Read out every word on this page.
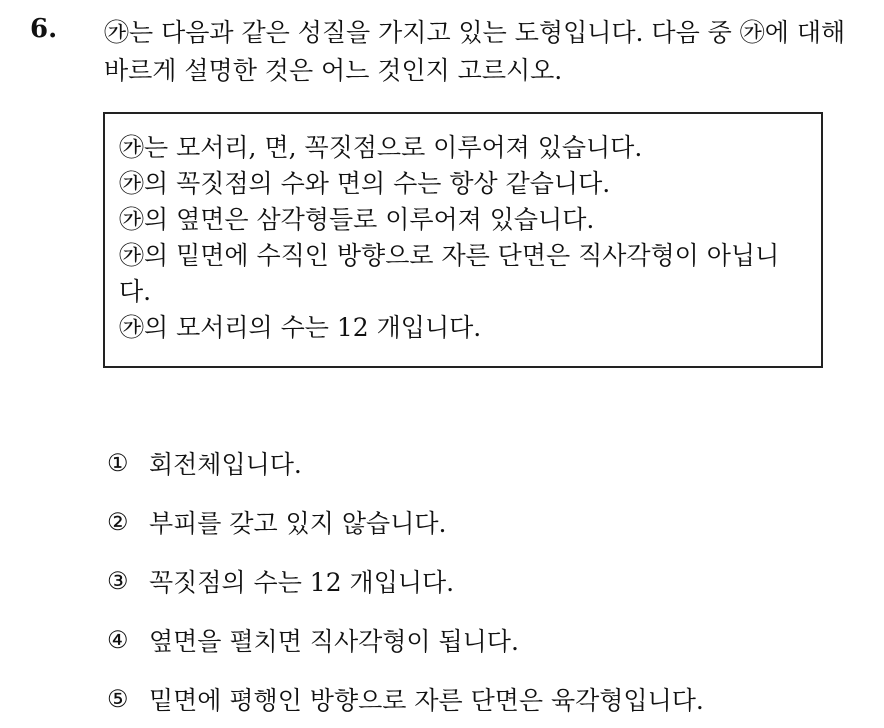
6. ㉮는 다음과 같은 성질을 가지고 있는 도형입니다. 다음 중 ㉮에 대해
바르게 설명한 것은 어느 것인지 고르시오.
㉮는 모서리, 면, 꼭짓점으로 이루어져 있습니다.
㉮의 꼭짓점의 수와 면의 수는 항상 같습니다.
㉮의 옆면은 삼각형들로 이루어져 있습니다.
㉮의 밑면에 수직인 방향으로 자른 단면은 직사각형이 아닙니
다.
㉮의 모서리의 수는 12 개입니다.
① 회전체입니다.
② 부피를 갖고 있지 않습니다.
③ 꼭짓점의 수는 12 개입니다.
④ 옆면을 펼치면 직사각형이 됩니다.
⑤ 밑면에 평행인 방향으로 자른 단면은 육각형입니다.
